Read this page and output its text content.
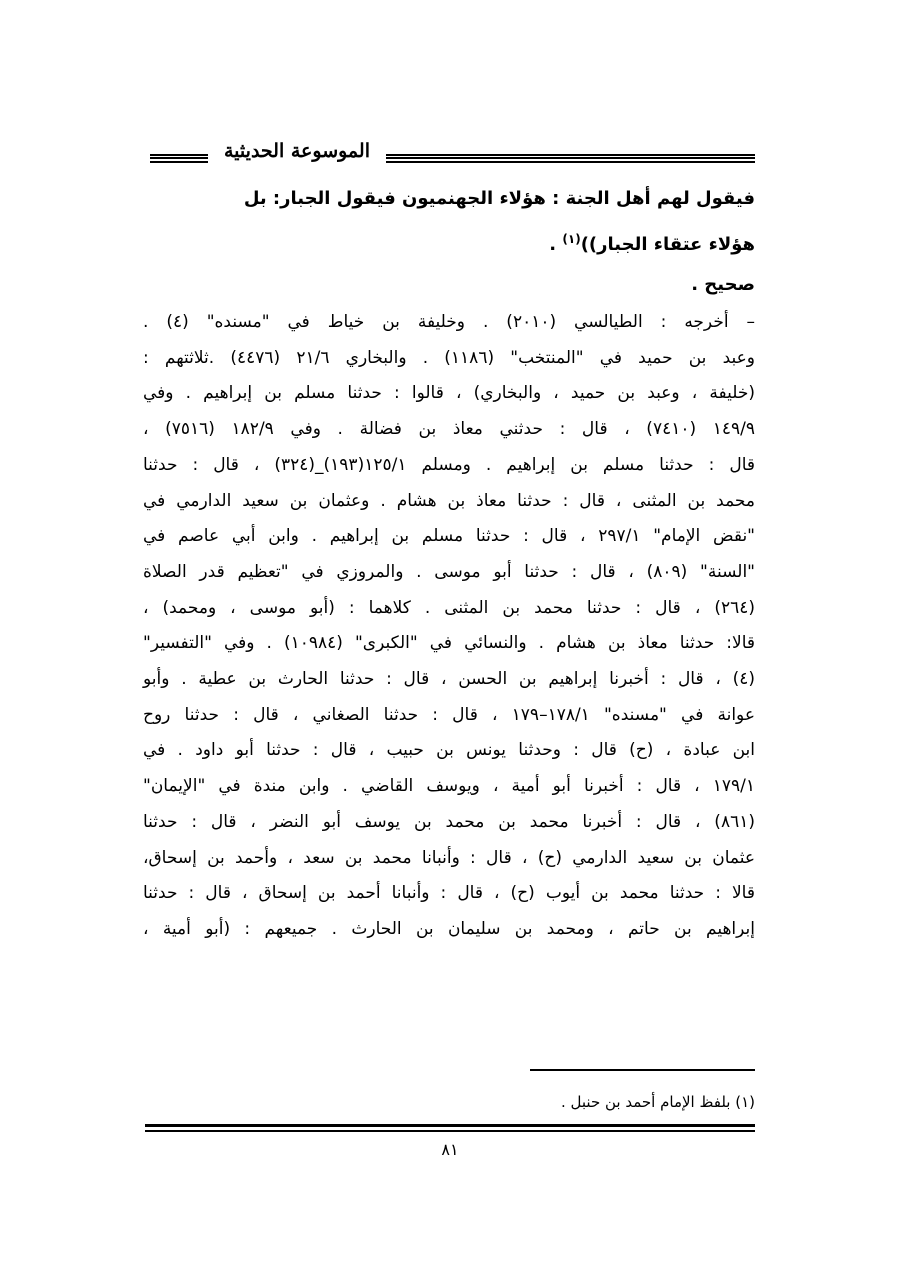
الموسوعة الحديثية

فيقول لهم أهل الجنة : هؤلاء الجهنميون فيقول الجبار: بل

هؤلاء عتقاء الجبار))$^{(١)}$ .

صحيح .

– أخرجه : الطيالسي (٢٠١٠) . وخليفة بن خياط في "مسنده" (٤) .

وعبد بن حميد في "المنتخب" (١١٨٦) . والبخاري ٢١/٦ (٤٤٧٦) .ثلاثتهم :

(خليفة ، وعبد بن حميد ، والبخاري) ، قالوا : حدثنا مسلم بن إبراهيم . وفي

١٤٩/٩ (٧٤١٠) ، قال : حدثني معاذ بن فضالة . وفي ١٨٢/٩ (٧٥١٦) ،

قال : حدثنا مسلم بن إبراهيم . ومسلم ١٢٥/١(١٩٣)_(٣٢٤) ، قال : حدثنا

محمد بن المثنى ، قال : حدثنا معاذ بن هشام . وعثمان بن سعيد الدارمي في

"نقض الإمام" ٢٩٧/١ ، قال : حدثنا مسلم بن إبراهيم . وابن أبي عاصم في

"السنة" (٨٠٩) ، قال : حدثنا أبو موسى . والمروزي في "تعظيم قدر الصلاة

(٢٦٤) ، قال : حدثنا محمد بن المثنى . كلاهما : (أبو موسى ، ومحمد) ،

قالا: حدثنا معاذ بن هشام . والنسائي في "الكبرى" (١٠٩٨٤) . وفي "التفسير"

(٤) ، قال : أخبرنا إبراهيم بن الحسن ، قال : حدثنا الحارث بن عطية . وأبو

عوانة في "مسنده" ١٧٨/١–١٧٩ ، قال : حدثنا الصغاني ، قال : حدثنا روح

ابن عبادة ، (ح) قال : وحدثنا يونس بن حبيب ، قال : حدثنا أبو داود . في

١٧٩/١ ، قال : أخبرنا أبو أمية ، ويوسف القاضي . وابن مندة في "الإيمان"

(٨٦١) ، قال : أخبرنا محمد بن محمد بن يوسف أبو النضر ، قال : حدثنا

عثمان بن سعيد الدارمي (ح) ، قال : وأنبانا محمد بن سعد ، وأحمد بن إسحاق،

قالا : حدثنا محمد بن أيوب (ح) ، قال : وأنبانا أحمد بن إسحاق ، قال : حدثنا

إبراهيم بن حاتم ، ومحمد بن سليمان بن الحارث . جميعهم : (أبو أمية ،

(١) بلفظ الإمام أحمد بن حنبل .
٨١
